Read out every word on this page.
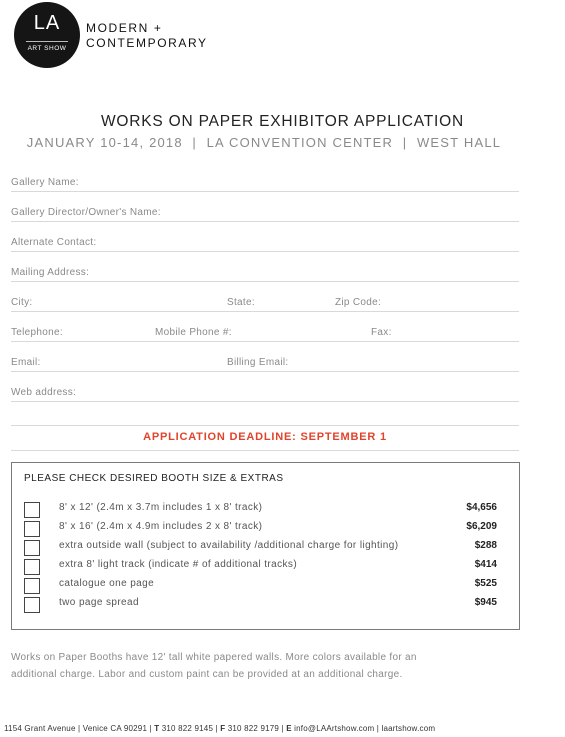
LA
ART SHOW
MODERN +
CONTEMPORARY
WORKS ON PAPER EXHIBITOR APPLICATION
JANUARY 10-14, 2018  |  LA CONVENTION CENTER  |  WEST HALL
Gallery Name:
Gallery Director/Owner's Name:
Alternate Contact:
Mailing Address:
City:	State:	Zip Code:
Telephone:	Mobile Phone #:	Fax:
Email:	Billing Email:
Web address:
APPLICATION DEADLINE: SEPTEMBER 1
PLEASE CHECK DESIRED BOOTH SIZE & EXTRAS
8' x 12' (2.4m x 3.7m includes 1 x 8' track)	$4,656
8' x 16' (2.4m x 4.9m includes 2 x 8' track)	$6,209
extra outside wall (subject to availability /additional charge for lighting)	$288
extra 8' light track (indicate # of additional tracks)	$414
catalogue one page	$525
two page spread	$945
Works on Paper Booths have 12' tall white papered walls. More colors available for an
additional charge. Labor and custom paint can be provided at an additional charge.
1154 Grant Avenue | Venice CA 90291 | T 310 822 9145 | F 310 822 9179 | E info@LAArtshow.com | laartshow.com
